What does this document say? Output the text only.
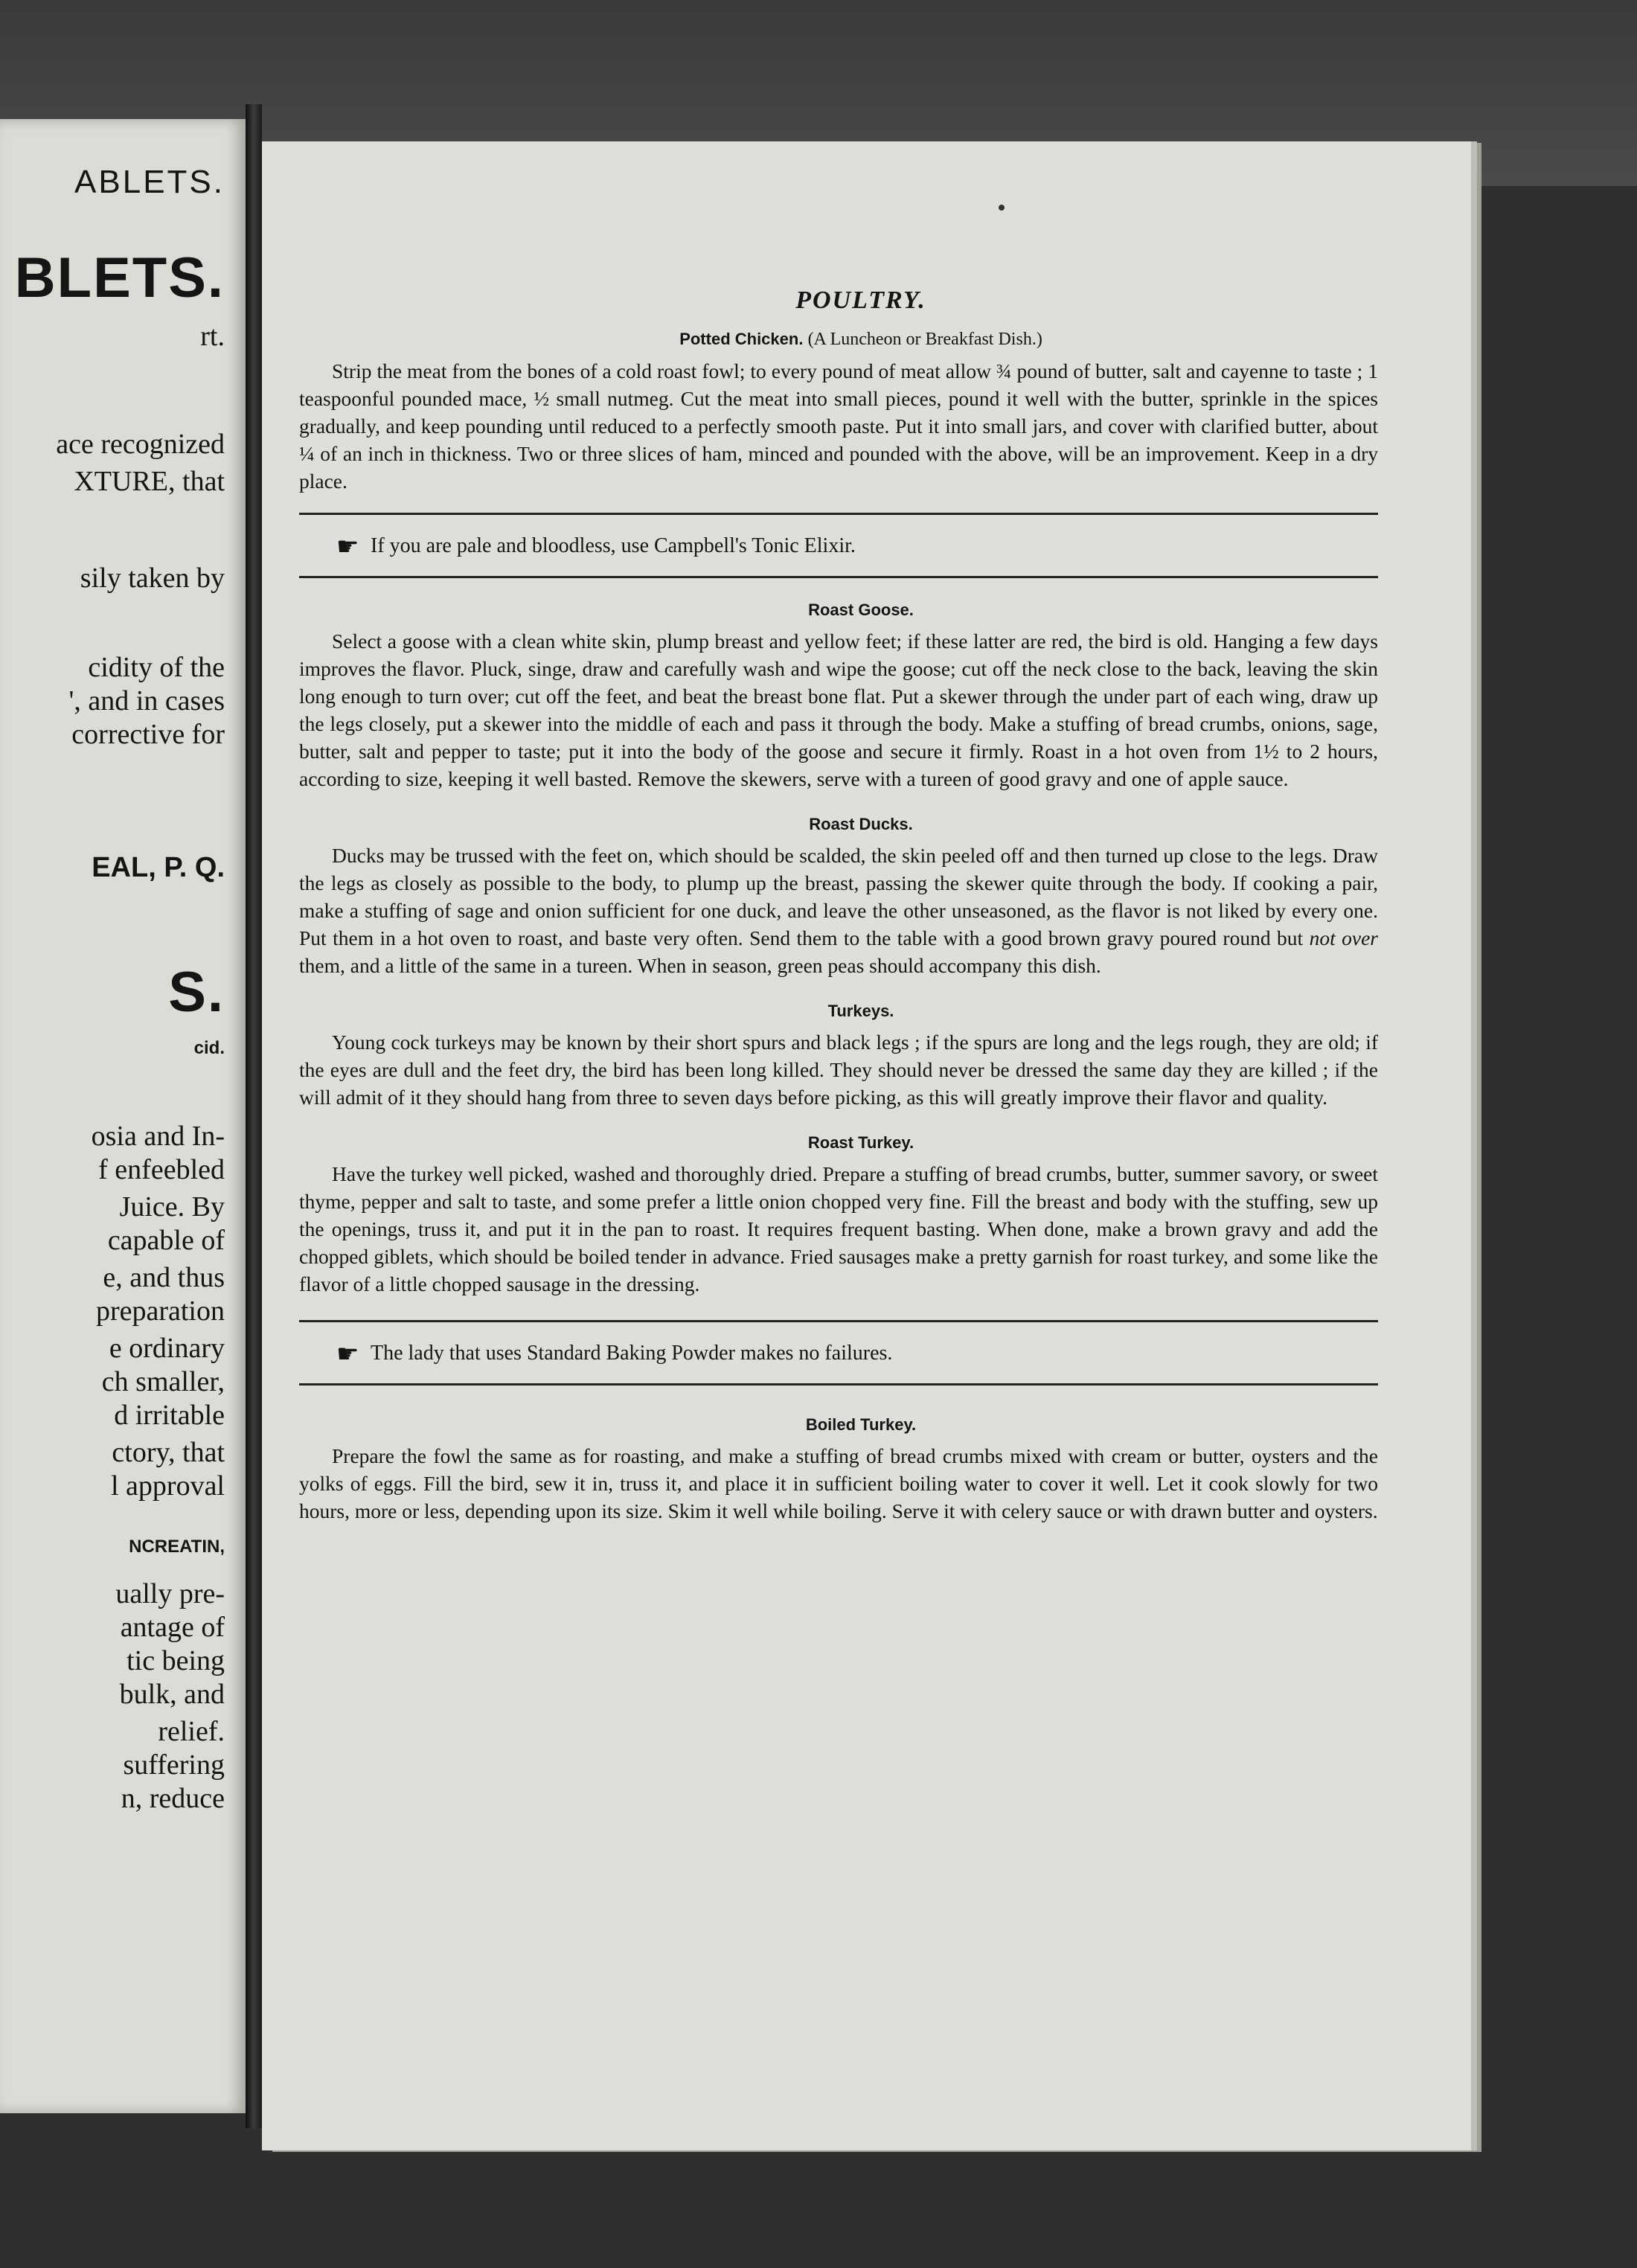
ABLETS.
BLETS.
rt.
ace recognized
XTURE, that
sily taken by
cidity of the
', and in cases
corrective for
EAL, P. Q.
S.
cid.
osia and In-
f enfeebled
Juice. By
capable of
e, and thus
preparation
e ordinary
ch smaller,
d irritable
ctory, that
l approval
NCREATIN,
ually pre-
antage of
tic being
bulk, and
relief.
suffering
n, reduce
POULTRY.
Potted Chicken. (A Luncheon or Breakfast Dish.)

Strip the meat from the bones of a cold roast fowl; to every pound of meat allow ¾ pound of butter, salt and cayenne to taste ; 1 teaspoonful pounded mace, ½ small nutmeg. Cut the meat into small pieces, pound it well with the butter, sprinkle in the spices gradually, and keep pounding until reduced to a perfectly smooth paste. Put it into small jars, and cover with clarified butter, about ¼ of an inch in thickness. Two or three slices of ham, minced and pounded with the above, will be an improvement. Keep in a dry place.

☛ If you are pale and bloodless, use Campbell's Tonic Elixir.
Roast Goose.

Select a goose with a clean white skin, plump breast and yellow feet; if these latter are red, the bird is old. Hanging a few days improves the flavor. Pluck, singe, draw and carefully wash and wipe the goose; cut off the neck close to the back, leaving the skin long enough to turn over; cut off the feet, and beat the breast bone flat. Put a skewer through the under part of each wing, draw up the legs closely, put a skewer into the middle of each and pass it through the body. Make a stuffing of bread crumbs, onions, sage, butter, salt and pepper to taste; put it into the body of the goose and secure it firmly. Roast in a hot oven from 1½ to 2 hours, according to size, keeping it well basted. Remove the skewers, serve with a tureen of good gravy and one of apple sauce.

Roast Ducks.

Ducks may be trussed with the feet on, which should be scalded, the skin peeled off and then turned up close to the legs. Draw the legs as closely as possible to the body, to plump up the breast, passing the skewer quite through the body. If cooking a pair, make a stuffing of sage and onion sufficient for one duck, and leave the other unseasoned, as the flavor is not liked by every one. Put them in a hot oven to roast, and baste very often. Send them to the table with a good brown gravy poured round but not over them, and a little of the same in a tureen. When in season, green peas should accompany this dish.

Turkeys.

Young cock turkeys may be known by their short spurs and black legs ; if the spurs are long and the legs rough, they are old; if the eyes are dull and the feet dry, the bird has been long killed. They should never be dressed the same day they are killed ; if the will admit of it they should hang from three to seven days before picking, as this will greatly improve their flavor and quality.

Roast Turkey.

Have the turkey well picked, washed and thoroughly dried. Prepare a stuffing of bread crumbs, butter, summer savory, or sweet thyme, pepper and salt to taste, and some prefer a little onion chopped very fine. Fill the breast and body with the stuffing, sew up the openings, truss it, and put it in the pan to roast. It requires frequent basting. When done, make a brown gravy and add the chopped giblets, which should be boiled tender in advance. Fried sausages make a pretty garnish for roast turkey, and some like the flavor of a little chopped sausage in the dressing.

☛ The lady that uses Standard Baking Powder makes no failures.
Boiled Turkey.

Prepare the fowl the same as for roasting, and make a stuffing of bread crumbs mixed with cream or butter, oysters and the yolks of eggs. Fill the bird, sew it in, truss it, and place it in sufficient boiling water to cover it well. Let it cook slowly for two hours, more or less, depending upon its size. Skim it well while boiling. Serve it with celery sauce or with drawn butter and oysters.
